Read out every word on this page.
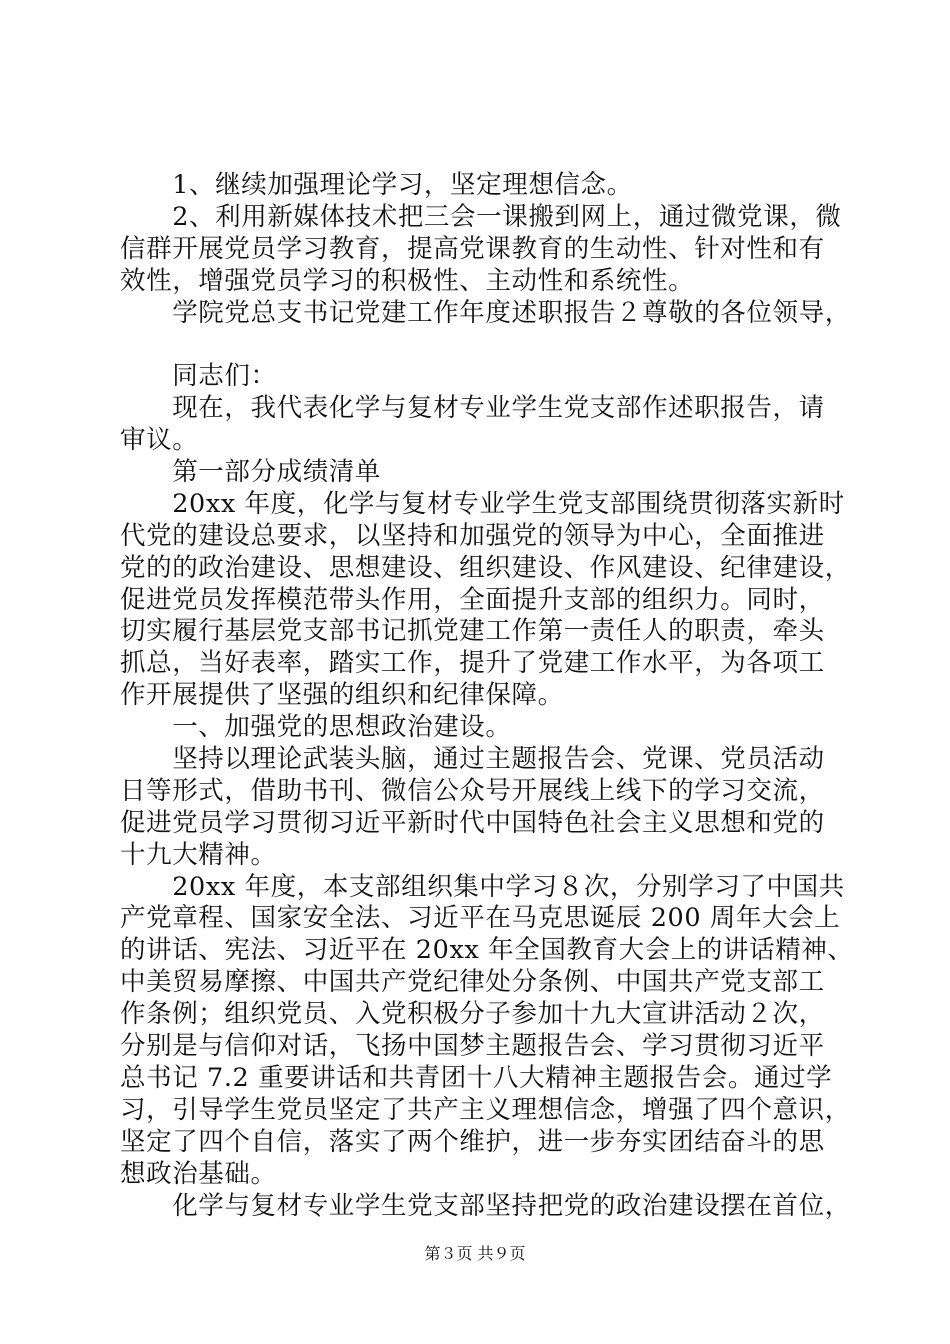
　　1、继续加强理论学习，坚定理想信念。
　　2、利用新媒体技术把三会一课搬到网上，通过微党课，微
信群开展党员学习教育，提高党课教育的生动性、针对性和有
效性，增强党员学习的积极性、主动性和系统性。
　　学院党总支书记党建工作年度述职报告２尊敬的各位领导，
　　同志们：
　　现在，我代表化学与复材专业学生党支部作述职报告，请
审议。
　　第一部分成绩清单
　　20xx 年度，化学与复材专业学生党支部围绕贯彻落实新时
代党的建设总要求，以坚持和加强党的领导为中心，全面推进
党的的政治建设、思想建设、组织建设、作风建设、纪律建设，
促进党员发挥模范带头作用，全面提升支部的组织力。同时，
切实履行基层党支部书记抓党建工作第一责任人的职责，牵头
抓总，当好表率，踏实工作，提升了党建工作水平，为各项工
作开展提供了坚强的组织和纪律保障。
　　一、加强党的思想政治建设。
　　坚持以理论武装头脑，通过主题报告会、党课、党员活动
日等形式，借助书刊、微信公众号开展线上线下的学习交流，
促进党员学习贯彻习近平新时代中国特色社会主义思想和党的
十九大精神。
　　20xx 年度，本支部组织集中学习８次，分别学习了中国共
产党章程、国家安全法、习近平在马克思诞辰 200 周年大会上
的讲话、宪法、习近平在 20xx 年全国教育大会上的讲话精神、
中美贸易摩擦、中国共产党纪律处分条例、中国共产党支部工
作条例；组织党员、入党积极分子参加十九大宣讲活动２次，
分别是与信仰对话，飞扬中国梦主题报告会、学习贯彻习近平
总书记 7.2 重要讲话和共青团十八大精神主题报告会。通过学
习，引导学生党员坚定了共产主义理想信念，增强了四个意识，
坚定了四个自信，落实了两个维护，进一步夯实团结奋斗的思
想政治基础。
　　化学与复材专业学生党支部坚持把党的政治建设摆在首位，
第３页 共９页
